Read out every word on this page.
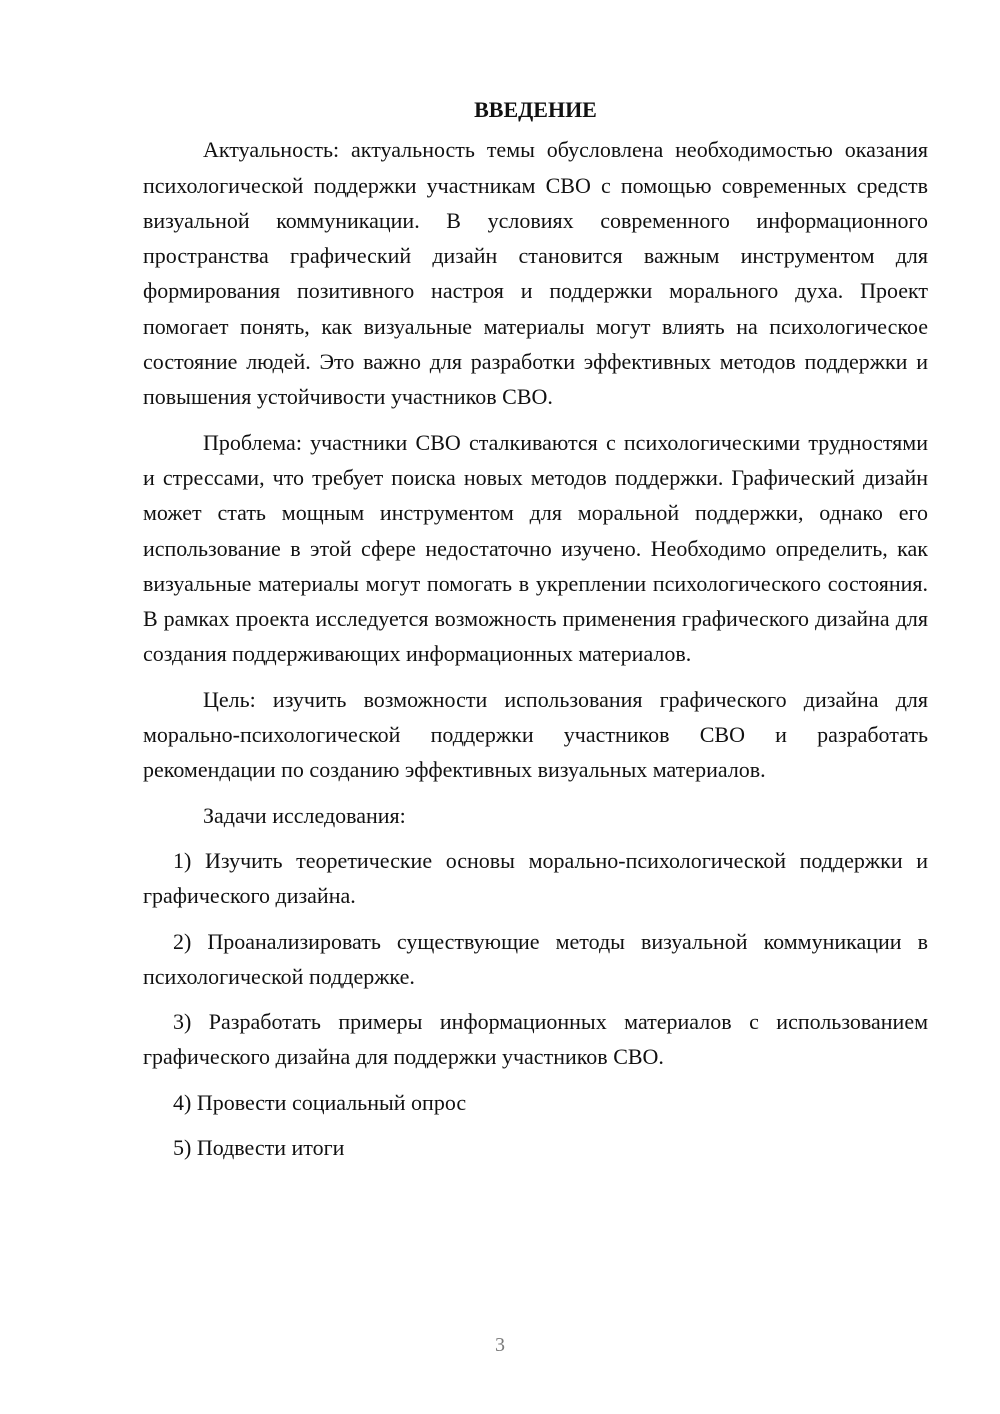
ВВЕДЕНИЕ

Актуальность: актуальность темы обусловлена необходимостью оказания психологической поддержки участникам СВО с помощью современных средств визуальной коммуникации. В условиях современного информационного пространства графический дизайн становится важным инструментом для формирования позитивного настроя и поддержки морального духа. Проект помогает понять, как визуальные материалы могут влиять на психологическое состояние людей. Это важно для разработки эффективных методов поддержки и повышения устойчивости участников СВО.

Проблема: участники СВО сталкиваются с психологическими трудностями и стрессами, что требует поиска новых методов поддержки. Графический дизайн может стать мощным инструментом для моральной поддержки, однако его использование в этой сфере недостаточно изучено. Необходимо определить, как визуальные материалы могут помогать в укреплении психологического состояния. В рамках проекта исследуется возможность применения графического дизайна для создания поддерживающих информационных материалов.

Цель: изучить возможности использования графического дизайна для морально-психологической поддержки участников СВО и разработать рекомендации по созданию эффективных визуальных материалов.

Задачи исследования:

1) Изучить теоретические основы морально-психологической поддержки и графического дизайна.

2) Проанализировать существующие методы визуальной коммуникации в психологической поддержке.

3) Разработать примеры информационных материалов с использованием графического дизайна для поддержки участников СВО.

4) Провести социальный опрос

5) Подвести итоги

3
